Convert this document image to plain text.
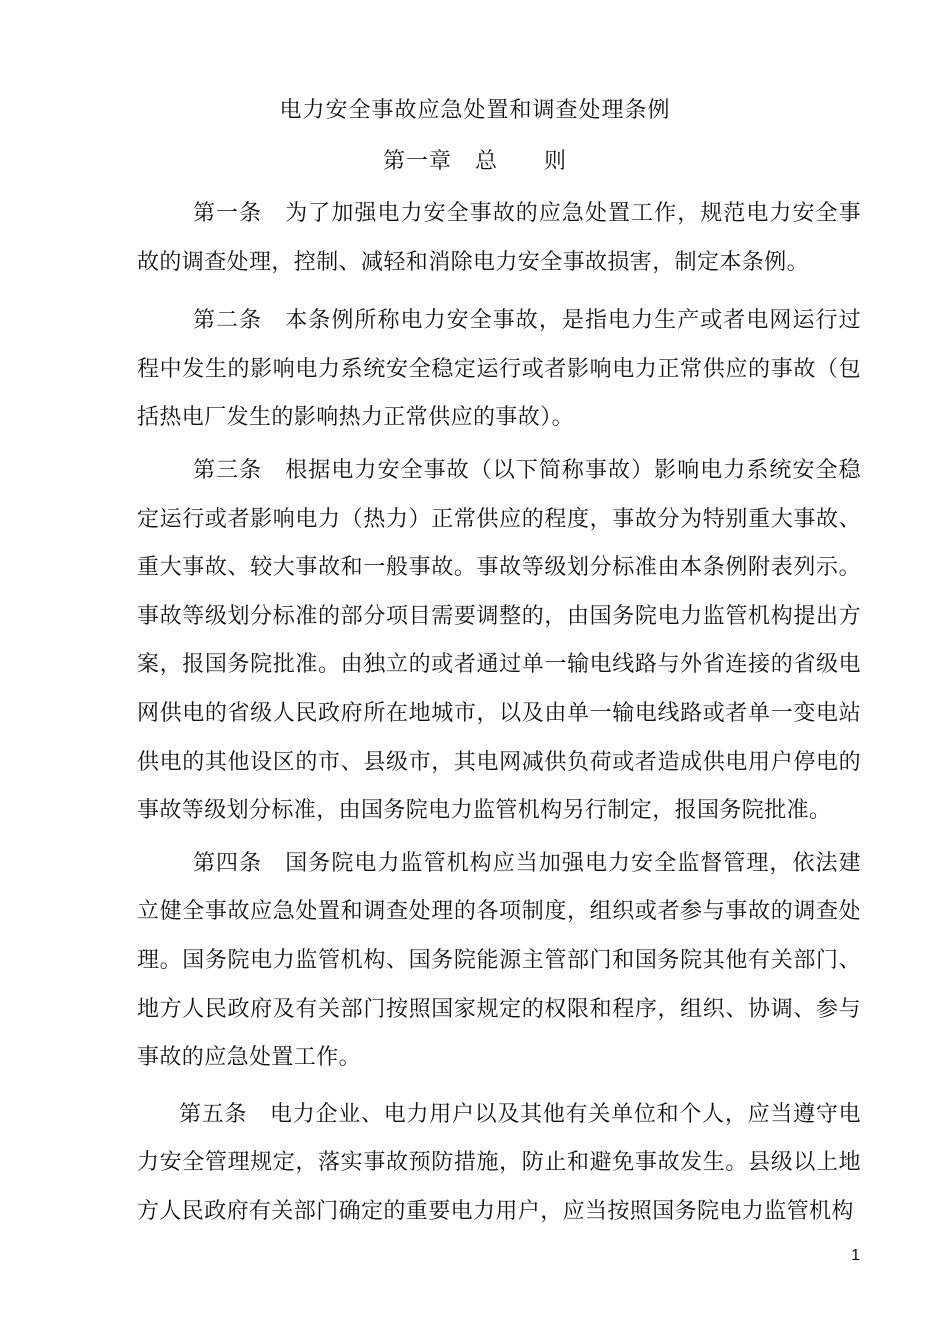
电力安全事故应急处置和调查处理条例
第一章　总　　则

第一条　 为了加强电力安全事故的应急处置工作，规范电力安全事故的调查处理，控制、减轻和消除电力安全事故损害，制定本条例。

第二条　 本条例所称电力安全事故，是指电力生产或者电网运行过程中发生的影响电力系统安全稳定运行或者影响电力正常供应的事故（包括热电厂发生的影响热力正常供应的事故）。

第三条　 根据电力安全事故（以下简称事故）影响电力系统安全稳定运行或者影响电力（热力）正常供应的程度，事故分为特别重大事故、重大事故、较大事故和一般事故。事故等级划分标准由本条例附表列示。事故等级划分标准的部分项目需要调整的，由国务院电力监管机构提出方案，报国务院批准。由独立的或者通过单一输电线路与外省连接的省级电网供电的省级人民政府所在地城市，以及由单一输电线路或者单一变电站供电的其他设区的市、县级市，其电网减供负荷或者造成供电用户停电的事故等级划分标准，由国务院电力监管机构另行制定，报国务院批准。

第四条　 国务院电力监管机构应当加强电力安全监督管理，依法建立健全事故应急处置和调查处理的各项制度，组织或者参与事故的调查处理。国务院电力监管机构、国务院能源主管部门和国务院其他有关部门、地方人民政府及有关部门按照国家规定的权限和程序，组织、协调、参与事故的应急处置工作。

第五条　 电力企业、电力用户以及其他有关单位和个人，应当遵守电力安全管理规定，落实事故预防措施，防止和避免事故发生。县级以上地方人民政府有关部门确定的重要电力用户，应当按照国务院电力监管机构

1
